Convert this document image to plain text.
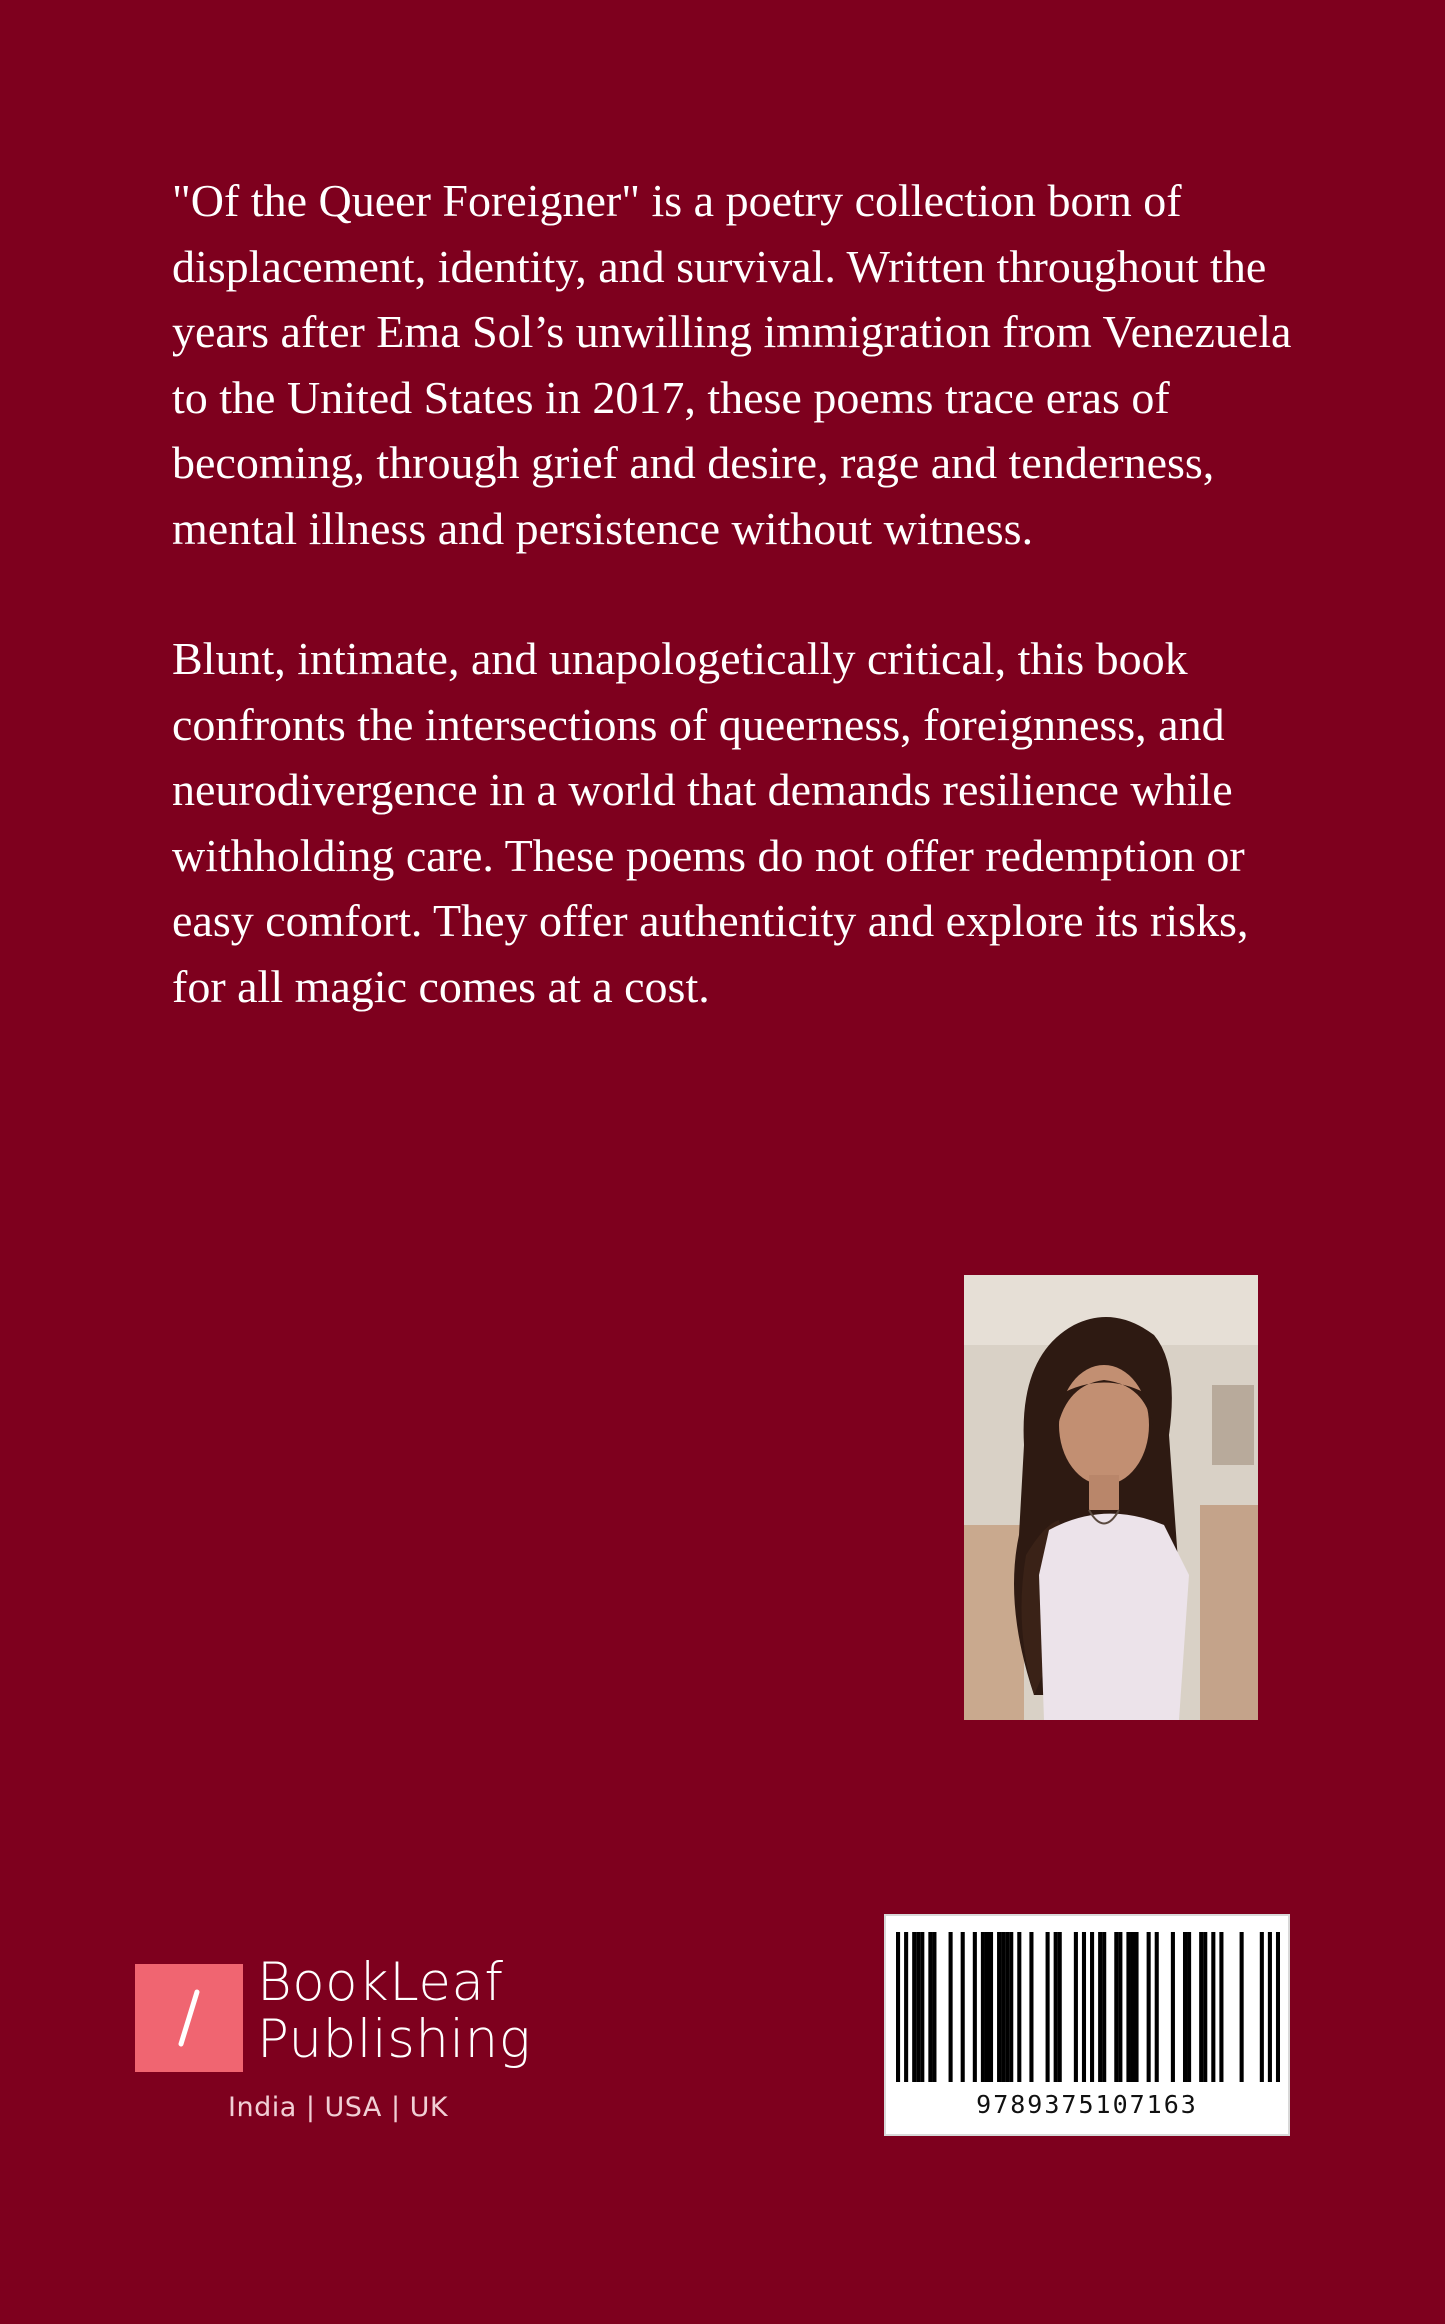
"Of the Queer Foreigner" is a poetry collection born of displacement, identity, and survival. Written throughout the years after Ema Sol’s unwilling immigration from Venezuela to the United States in 2017, these poems trace eras of becoming, through grief and desire, rage and tenderness, mental illness and persistence without witness.

Blunt, intimate, and unapologetically critical, this book confronts the intersections of queerness, foreignness, and neurodivergence in a world that demands resilience while withholding care. These poems do not offer redemption or easy comfort. They offer authenticity and explore its risks, for all magic comes at a cost.

BookLeaf
Publishing
India | USA | UK	9789375107163
